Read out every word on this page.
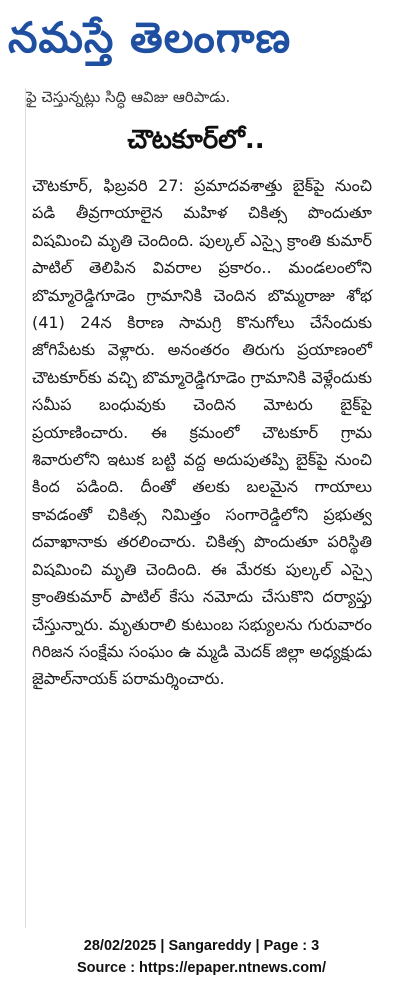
నమస్తే తెలంగాణ
ఫై చెస్తున్నట్లు సిద్ధి ఆవిజు ఆరిపాడు.
చౌటకూర్‌లో..

చౌటకూర్, ఫిబ్రవరి 27: ప్రమాదవశాత్తు బైక్‌పై నుంచి పడి తీవ్రగాయాలైన మహిళ చికిత్స పొందుతూ విషమించి మృతి చెందింది. పుల్కల్ ఎస్సై క్రాంతి కుమార్ పాటిల్ తెలిపిన వివరాల ప్రకారం.. మండలంలోని బొమ్మారెడ్డిగూడెం గ్రామానికి చెందిన బొమ్మరాజు శోభ (41) 24న కిరాణ సామగ్రి కొనుగోలు చేసేందుకు జోగిపేటకు వెళ్లారు. అనంతరం తిరుగు ప్రయాణంలో చౌటకూర్‌కు వచ్చి బొమ్మారెడ్డిగూడెం గ్రామానికి వెళ్లేందుకు సమీప బంధువుకు చెందిన మోటరు బైక్‌పై ప్రయాణించారు. ఈ క్రమంలో చౌటకూర్ గ్రామ శివారులోని ఇటుక బట్టి వద్ద అదుపుతప్పి బైక్‌పై నుంచి కింద పడింది. దీంతో తలకు బలమైన గాయాలు కావడంతో చికిత్స నిమిత్తం సంగారెడ్డిలోని ప్రభుత్వ దవాఖానాకు తరలించారు. చికిత్స పొందుతూ పరిస్థితి విషమించి మృతి చెందింది. ఈ మేరకు పుల్కల్ ఎస్సై క్రాంతికుమార్ పాటిల్ కేసు నమోదు చేసుకొని దర్యాప్తు చేస్తున్నారు. మృతురాలి కుటుంబ సభ్యులను గురువారం గిరిజన సంక్షేమ సంఘం ఉ మ్మడి మెదక్ జిల్లా అధ్యక్షుడు జైపాల్‌నాయక్ పరామర్శించారు.

28/02/2025 | Sangareddy | Page : 3
Source : https://epaper.ntnews.com/
